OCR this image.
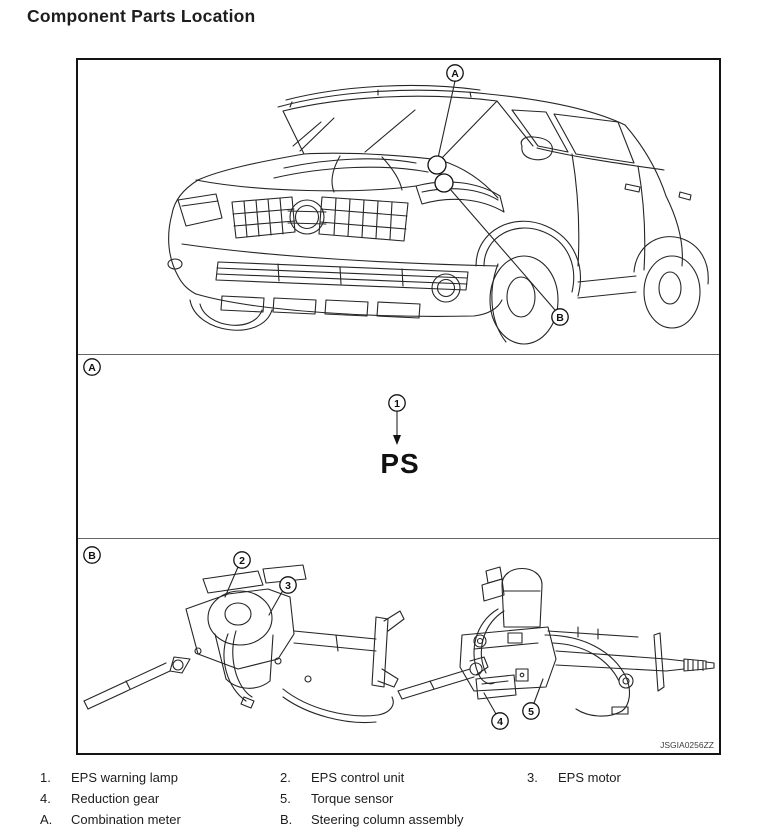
Component Parts Location
A
B
A
1
PS
B	2
3
4
5
JSGIA0256ZZ
1. EPS warning lamp	2. EPS control unit	3. EPS motor
4. Reduction gear	5. Torque sensor
A. Combination meter	B. Steering column assembly
